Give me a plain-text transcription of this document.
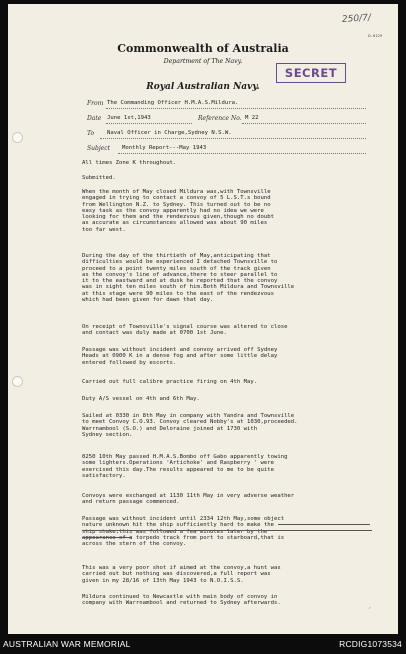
250/7/
D. 6129
Commonwealth of Australia
Department of The Navy.
SECRET
Royal Australian Navy.
From The Commanding Officer H.M.A.S.Mildura.
Date June 1st,1943	Reference No. M 22
To Naval Officer in Charge,Sydney N.S.W.
Subject Monthly Report---May 1943
All times Zone K throughout.
Submitted.
When the month of May closed Mildura was,with Townsville
engaged in trying to contact a convoy of 5 L.S.T.s bound
from Wellington N.Z. to Sydney. This turned out to be no
easy task as the convoy apparently had no idea we were
looking for them and the rendezvous given,though no doubt
as accurate as circumstances allowed was about 90 miles
too far west.
During the day of the thirtieth of May,anticipating that
difficulties would be experienced I detached Townsville to
proceed to a point twenty miles south of the track given
as the convoy's line of advance,there to steer parallel to
it to the eastward and at dusk he reported that the convoy
was in sight ten miles south of him.Both Mildura and Townsville
at this stage were 90 miles to the east of the rendezvous
which had been given for dawn that day.
On receipt of Townsville's signal course was altered to close
and contact was duly made at 0700 1st June.
Passage was without incident and convoy arrived off Sydney
Heads at 0900 K in a dense fog and after some little delay
entered followed by escorts.
Carried out full calibre practice firing on 4th May.
Duty A/S vessel on 4th and 6th May.
Sailed at 0330 in 8th May in company with Yandra and Townsville
to meet Convoy C.O.93. Convoy cleared Nobby's at 1030,proceeded.
Warrnambool (S.O.) and Deloraine joined at 1730 with
Sydney section.
0250 10th May passed H.M.A.S.Bombo off Gabo apparently towing
some lighters.Operations 'Artichoke' and Raspberry ' were
exercised this day.The results appeared to me to be quite
satisfactory.
Convoys were exchanged at 1130 11th May in very adverse weather
and return passage commenced.
Passage was without incident until 2334 12th May,some object
nature unknown hit the ship sufficiently hard to make the
ship shake,this was followed a few minutes later by the
appearance of a torpedo track from port to starboard,that is
across the stern of the convoy.
This was a very poor shot if aimed at the convoy,a hunt was
carried out but nothing was discovered,a full report was
given in my 28/16 of 13th May 1943 to N.O.I.S.S.
Mildura continued to Newcastle with main body of convoy in
company with Warrnambool and returned to Sydney afterwards.
ᐟ
AUSTRALIAN WAR MEMORIAL	RCDIG1073534
